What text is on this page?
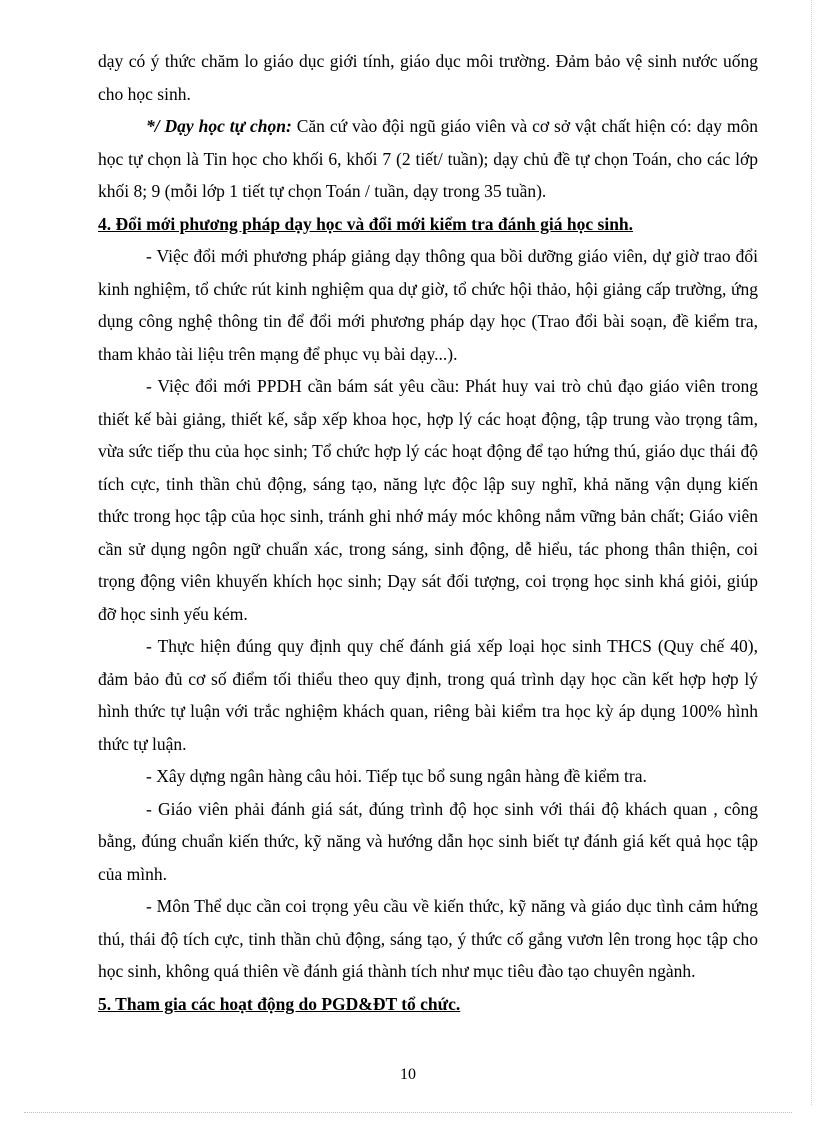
dạy có ý thức chăm lo giáo dục giới tính, giáo dục môi trường. Đảm bảo vệ sinh nước uống cho học sinh.

*/ Dạy học tự chọn: Căn cứ vào đội ngũ giáo viên và cơ sở vật chất hiện có: dạy môn học tự chọn là Tin học cho khối 6, khối 7 (2 tiết/ tuần); dạy chủ đề tự chọn Toán, cho các lớp khối 8; 9 (mỗi lớp 1 tiết tự chọn Toán / tuần, dạy trong 35 tuần).

4. Đổi mới phương pháp dạy học và đổi mới kiểm tra đánh giá học sinh.

- Việc đổi mới phương pháp giảng dạy thông qua bồi dưỡng giáo viên, dự giờ trao đổi kinh nghiệm, tổ chức rút kinh nghiệm qua dự giờ, tổ chức hội thảo, hội giảng cấp trường, ứng dụng công nghệ thông tin để đổi mới phương pháp dạy học (Trao đổi bài soạn, đề kiểm tra, tham khảo tài liệu trên mạng để phục vụ bài dạy...).

- Việc đổi mới PPDH cần bám sát yêu cầu: Phát huy vai trò chủ đạo giáo viên trong thiết kế bài giảng, thiết kế, sắp xếp khoa học, hợp lý các hoạt động, tập trung vào trọng tâm, vừa sức tiếp thu của học sinh; Tổ chức hợp lý các hoạt động để tạo hứng thú, giáo dục thái độ tích cực, tinh thần chủ động, sáng tạo, năng lực độc lập suy nghĩ, khả năng vận dụng kiến thức trong học tập của học sinh, tránh ghi nhớ máy móc không nắm vững bản chất; Giáo viên cần sử dụng ngôn ngữ chuẩn xác, trong sáng, sinh động, dễ hiểu, tác phong thân thiện, coi trọng động viên khuyến khích học sinh; Dạy sát đối tượng, coi trọng học sinh khá giỏi, giúp đỡ học sinh yếu kém.

- Thực hiện đúng quy định quy chế đánh giá xếp loại học sinh THCS (Quy chế 40), đảm bảo đủ cơ số điểm tối thiểu theo quy định, trong quá trình dạy học cần kết hợp hợp lý hình thức tự luận với trắc nghiệm khách quan, riêng bài kiểm tra học kỳ áp dụng 100% hình thức tự luận.

- Xây dựng ngân hàng câu hỏi. Tiếp tục bổ sung ngân hàng đề kiểm tra.

- Giáo viên phải đánh giá sát, đúng trình độ học sinh với thái độ khách quan , công bằng, đúng chuẩn kiến thức, kỹ năng và hướng dẫn học sinh biết tự đánh giá kết quả học tập của mình.

- Môn Thể dục cần coi trọng yêu cầu về kiến thức, kỹ năng và giáo dục tình cảm hứng thú, thái độ tích cực, tinh thần chủ động, sáng tạo, ý thức cố gắng vươn lên trong học tập cho học sinh, không quá thiên về đánh giá thành tích như mục tiêu đào tạo chuyên ngành.

5. Tham gia các hoạt động do PGD&ĐT tổ chức.

10
